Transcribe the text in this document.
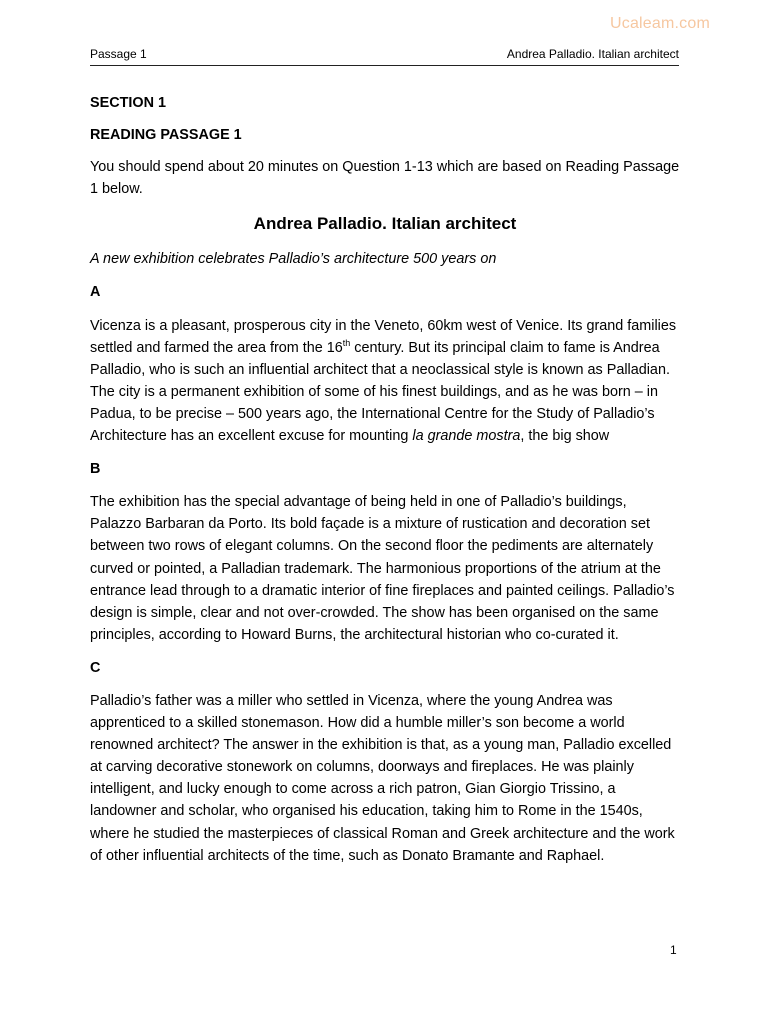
Ucaleam.com
Passage 1	Andrea Palladio. Italian architect

SECTION 1

READING PASSAGE 1

You should spend about 20 minutes on Question 1-13 which are based on Reading Passage 1 below.

Andrea Palladio. Italian architect

A new exhibition celebrates Palladio’s architecture 500 years on

A

Vicenza is a pleasant, prosperous city in the Veneto, 60km west of Venice. Its grand families settled and farmed the area from the 16th century. But its principal claim to fame is Andrea Palladio, who is such an influential architect that a neoclassical style is known as Palladian. The city is a permanent exhibition of some of his finest buildings, and as he was born – in Padua, to be precise – 500 years ago, the International Centre for the Study of Palladio’s Architecture has an excellent excuse for mounting la grande mostra, the big show

B

The exhibition has the special advantage of being held in one of Palladio’s buildings, Palazzo Barbaran da Porto. Its bold façade is a mixture of rustication and decoration set between two rows of elegant columns. On the second floor the pediments are alternately curved or pointed, a Palladian trademark. The harmonious proportions of the atrium at the entrance lead through to a dramatic interior of fine fireplaces and painted ceilings. Palladio’s design is simple, clear and not over-crowded. The show has been organised on the same principles, according to Howard Burns, the architectural historian who co-curated it.

C

Palladio’s father was a miller who settled in Vicenza, where the young Andrea was apprenticed to a skilled stonemason. How did a humble miller’s son become a world renowned architect? The answer in the exhibition is that, as a young man, Palladio excelled at carving decorative stonework on columns, doorways and fireplaces. He was plainly intelligent, and lucky enough to come across a rich patron, Gian Giorgio Trissino, a landowner and scholar, who organised his education, taking him to Rome in the 1540s, where he studied the masterpieces of classical Roman and Greek architecture and the work of other influential architects of the time, such as Donato Bramante and Raphael.

1
